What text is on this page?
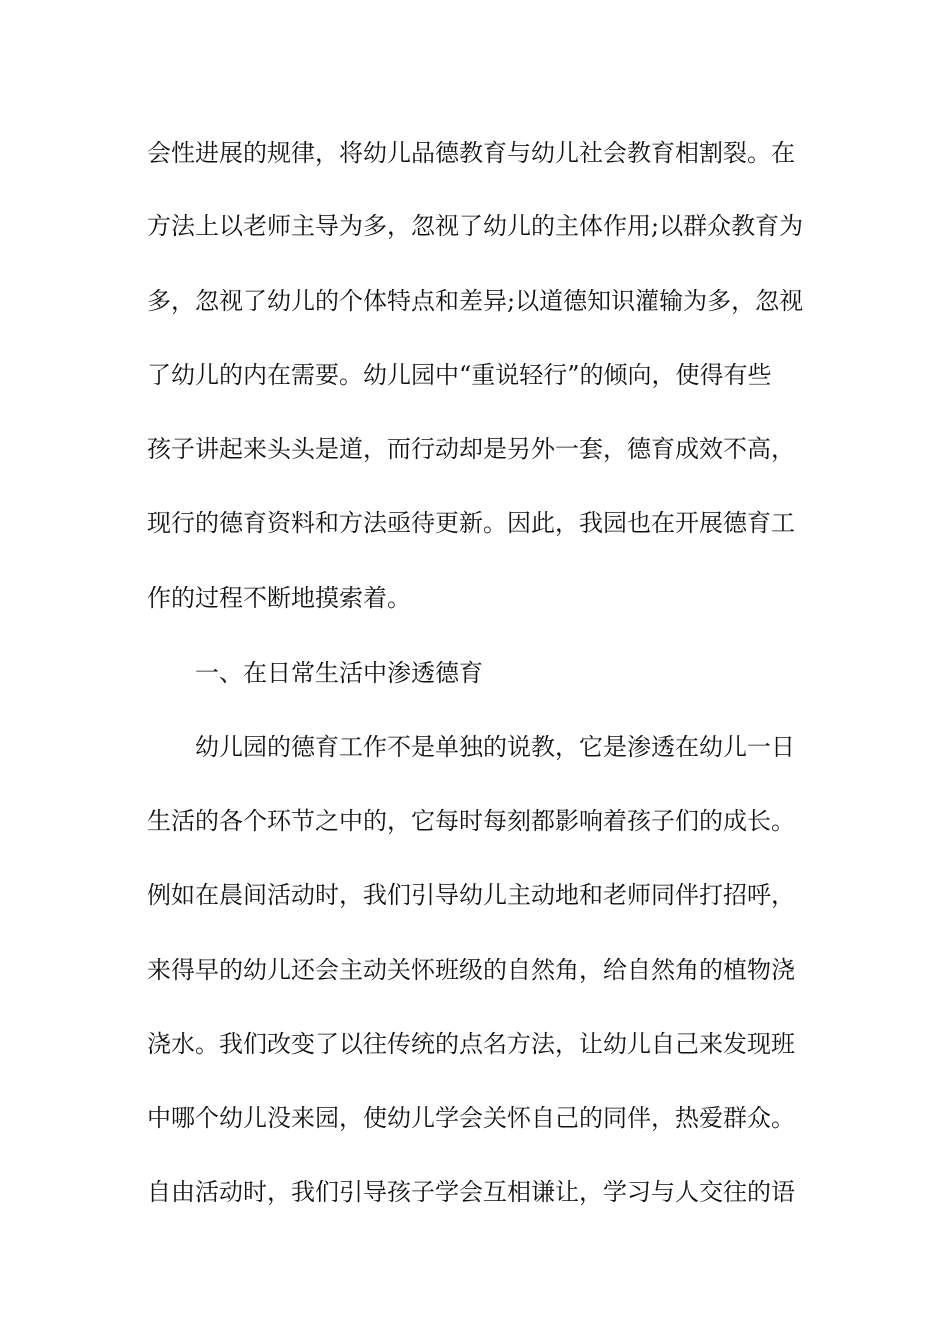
会性进展的规律，将幼儿品德教育与幼儿社会教育相割裂。在
方法上以老师主导为多，忽视了幼儿的主体作用;以群众教育为
多，忽视了幼儿的个体特点和差异;以道德知识灌输为多，忽视
了幼儿的内在需要。幼儿园中“重说轻行”的倾向，使得有些
孩子讲起来头头是道，而行动却是另外一套，德育成效不高，
现行的德育资料和方法亟待更新。因此，我园也在开展德育工
作的过程不断地摸索着。
一、在日常生活中渗透德育
幼儿园的德育工作不是单独的说教，它是渗透在幼儿一日
生活的各个环节之中的，它每时每刻都影响着孩子们的成长。
例如在晨间活动时，我们引导幼儿主动地和老师同伴打招呼，
来得早的幼儿还会主动关怀班级的自然角，给自然角的植物浇
浇水。我们改变了以往传统的点名方法，让幼儿自己来发现班
中哪个幼儿没来园，使幼儿学会关怀自己的同伴，热爱群众。
自由活动时，我们引导孩子学会互相谦让，学习与人交往的语
